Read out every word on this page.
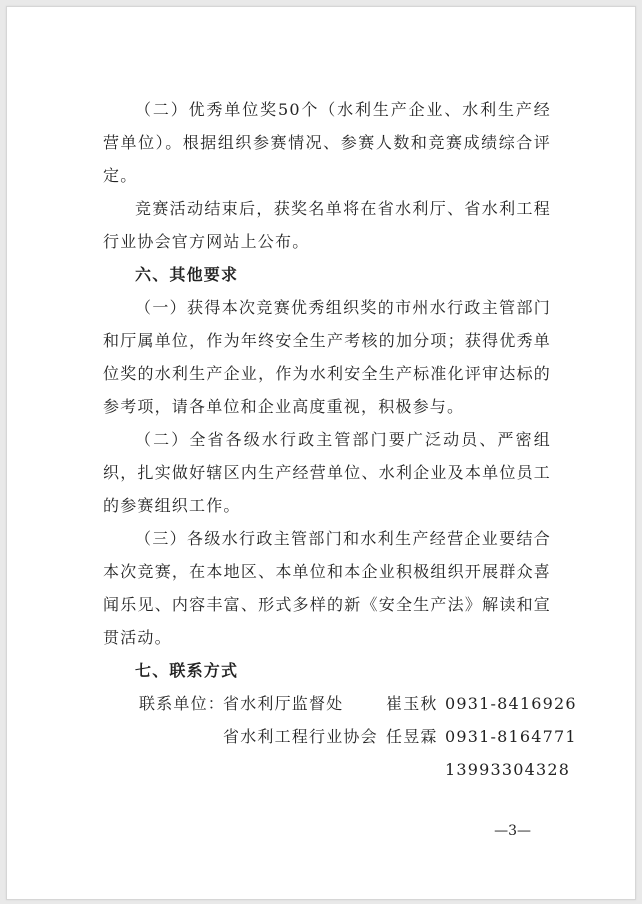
（二）优秀单位奖50个（水利生产企业、水利生产经营单位）。根据组织参赛情况、参赛人数和竞赛成绩综合评定。

竞赛活动结束后，获奖名单将在省水利厅、省水利工程行业协会官方网站上公布。

六、其他要求

（一）获得本次竞赛优秀组织奖的市州水行政主管部门和厅属单位，作为年终安全生产考核的加分项；获得优秀单位奖的水利生产企业，作为水利安全生产标准化评审达标的参考项，请各单位和企业高度重视，积极参与。

（二）全省各级水行政主管部门要广泛动员、严密组织，扎实做好辖区内生产经营单位、水利企业及本单位员工的参赛组织工作。

（三）各级水行政主管部门和水利生产经营企业要结合本次竞赛，在本地区、本单位和本企业积极组织开展群众喜闻乐见、内容丰富、形式多样的新《安全生产法》解读和宣贯活动。

七、联系方式
联系单位：
省水利厅监督处	崔玉秋 0931-8416926
省水利工程行业协会 任昱霖 0931-8164771
13993304328
—3—
